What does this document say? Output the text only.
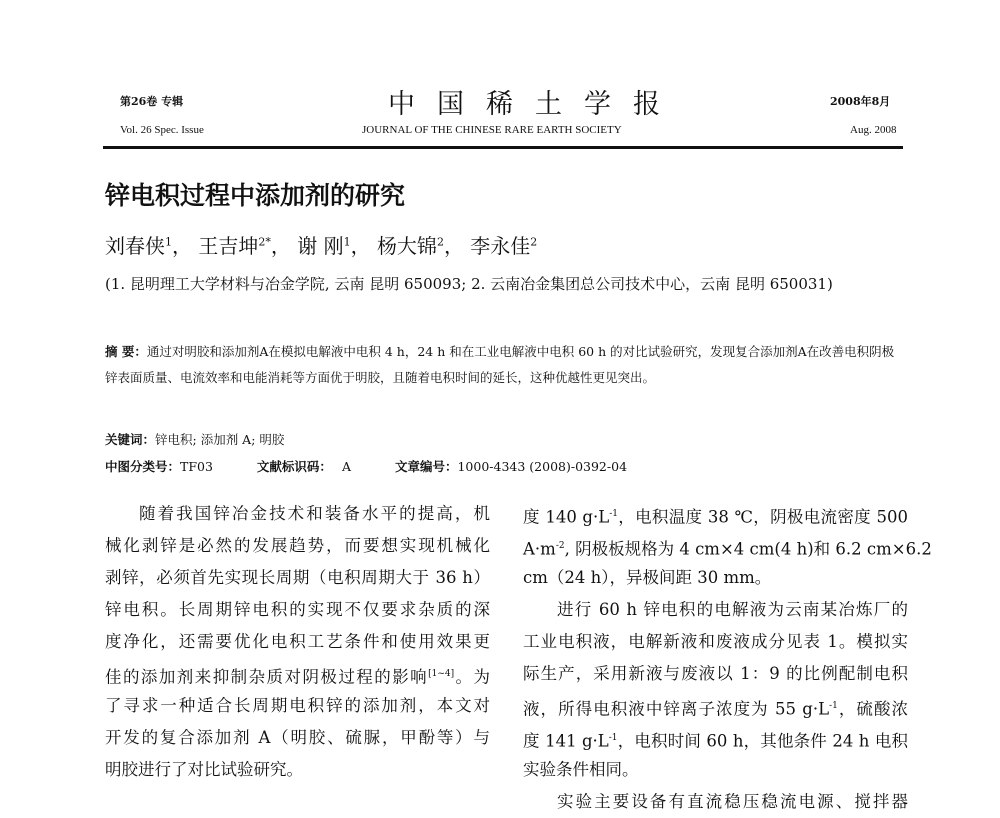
第26卷 专辑	中国稀土学报	2008年8月
Vol. 26 Spec. Issue	JOURNAL OF THE CHINESE RARE EARTH SOCIETY	Aug. 2008
锌电积过程中添加剂的研究
刘春侠$^1$， 王吉坤$^{2*}$， 谢 刚$^1$， 杨大锦$^2$， 李永佳$^2$
(1. 昆明理工大学材料与冶金学院, 云南 昆明 650093; 2. 云南冶金集团总公司技术中心，云南 昆明 650031)
摘 要：通过对明胶和添加剂A在模拟电解液中电积 4 h，24 h 和在工业电解液中电积 60 h 的对比试验研究，发现复合添加剂A在改善电积阴极锌表面质量、电流效率和电能消耗等方面优于明胶，且随着电积时间的延长，这种优越性更见突出。
关键词：锌电积; 添加剂 A; 明胶
中图分类号：TF03	文献标识码： A	文章编号：1000-4343 (2008)-0392-04
随着我国锌冶金技术和装备水平的提高，机
械化剥锌是必然的发展趋势，而要想实现机械化
剥锌，必须首先实现长周期（电积周期大于 36 h）
锌电积。长周期锌电积的实现不仅要求杂质的深
度净化，还需要优化电积工艺条件和使用效果更
佳的添加剂来抑制杂质对阴极过程的影响[1~4]。为
了寻求一种适合长周期电积锌的添加剂，本文对
开发的复合添加剂 A（明胶、硫脲，甲酚等）与
明胶进行了对比试验研究。
度 140 $g\cdot L^{-1}$，电积温度 38 ℃，阴极电流密度 500
$A\cdot m^{-2}$, 阴极板规格为 4 cm×4 cm(4 h)和 6.2 cm×6.2
cm（24 h），异极间距 30 mm。
进行 60 h 锌电积的电解液为云南某冶炼厂的
工业电积液，电解新液和废液成分见表 1。模拟实
际生产，采用新液与废液以 1：9 的比例配制电积
液，所得电积液中锌离子浓度为 55 $g\cdot L^{-1}$，硫酸浓
度 141 $g\cdot L^{-1}$，电积时间 60 h，其他条件 24 h 电积
实验条件相同。
实验主要设备有直流稳压稳流电源、搅拌器
